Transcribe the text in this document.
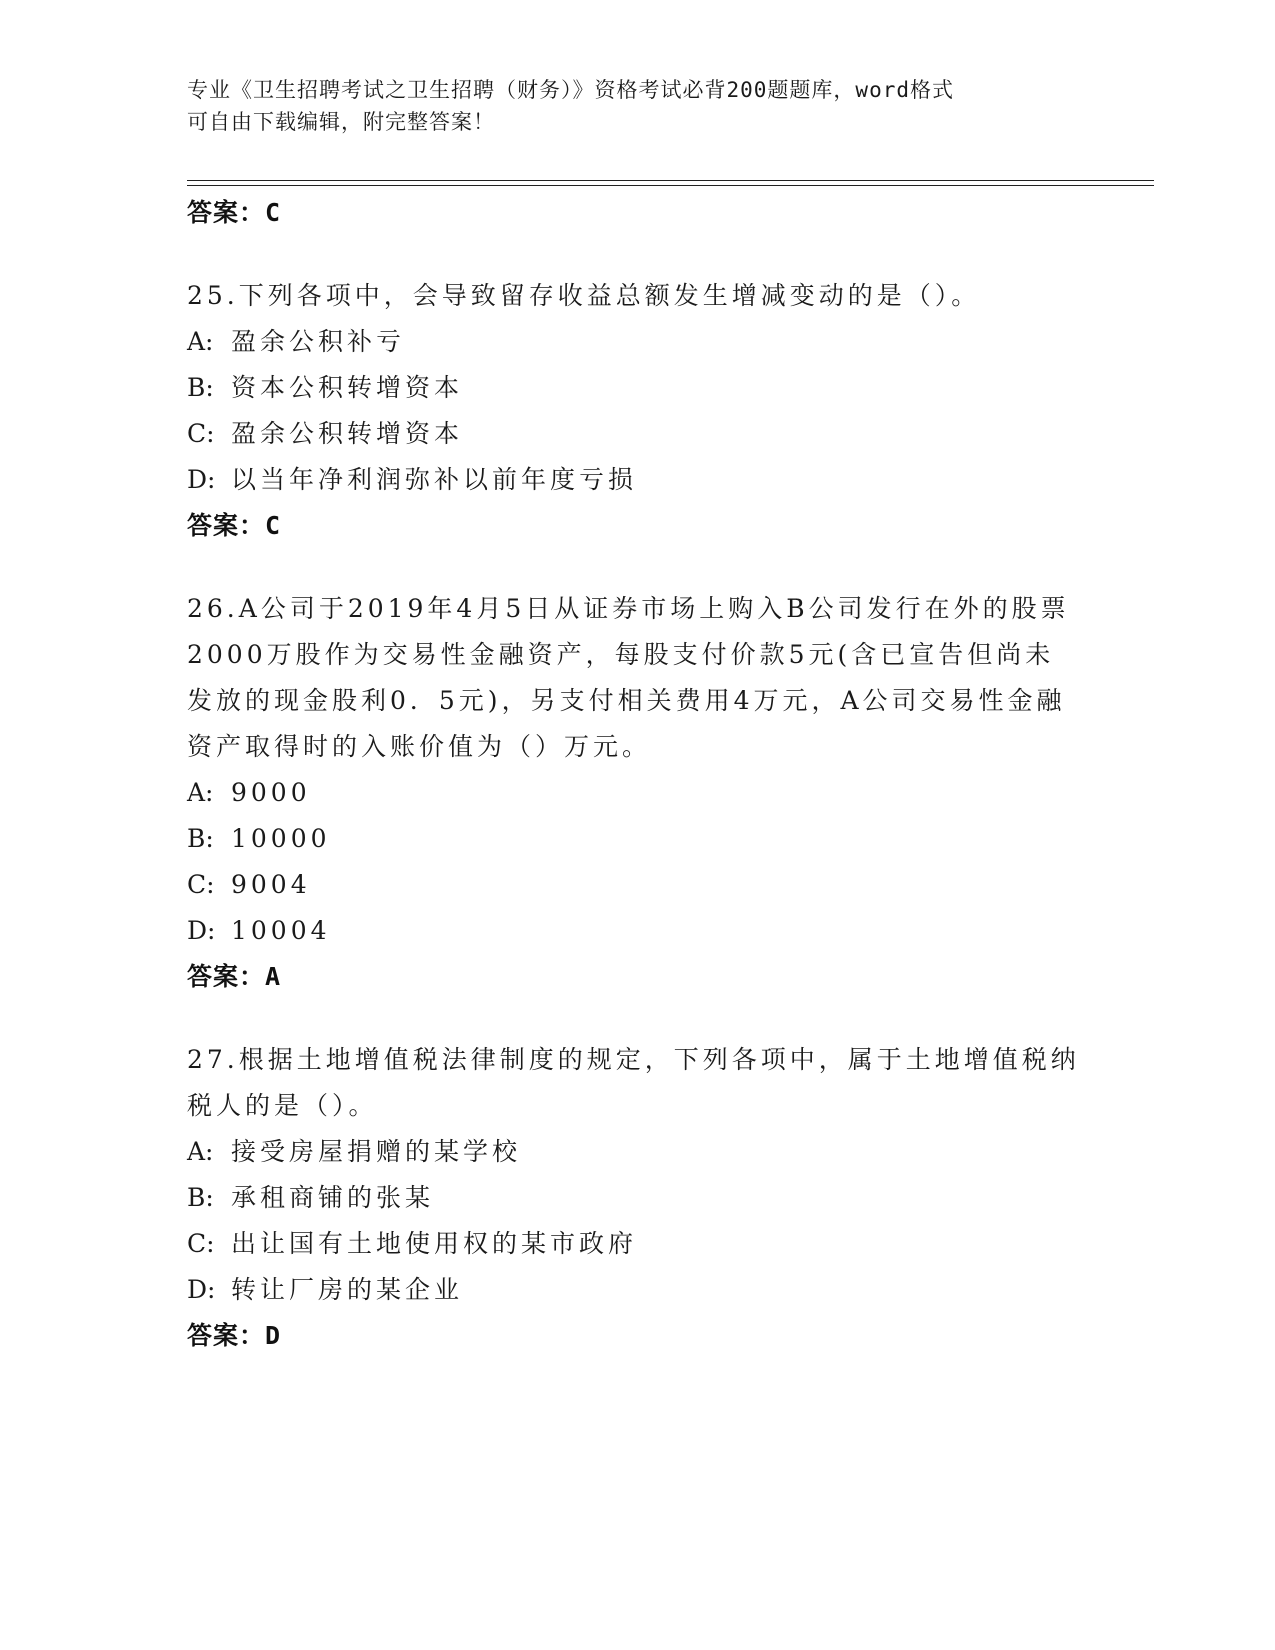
专业《卫生招聘考试之卫生招聘（财务）》资格考试必背200题题库，word格式
可自由下载编辑，附完整答案！
答案：C
25.下列各项中，会导致留存收益总额发生增减变动的是（）。
A: 盈余公积补亏
B: 资本公积转增资本
C: 盈余公积转增资本
D: 以当年净利润弥补以前年度亏损
答案：C
26.A公司于2019年4月5日从证券市场上购入B公司发行在外的股票2000万股作为交易性金融资产，每股支付价款5元(含已宣告但尚未发放的现金股利0．5元)，另支付相关费用4万元，A公司交易性金融资产取得时的入账价值为（）万元。
A: 9000
B: 10000
C: 9004
D: 10004
答案：A
27.根据土地增值税法律制度的规定，下列各项中，属于土地增值税纳税人的是（）。
A: 接受房屋捐赠的某学校
B: 承租商铺的张某
C: 出让国有土地使用权的某市政府
D: 转让厂房的某企业
答案：D
